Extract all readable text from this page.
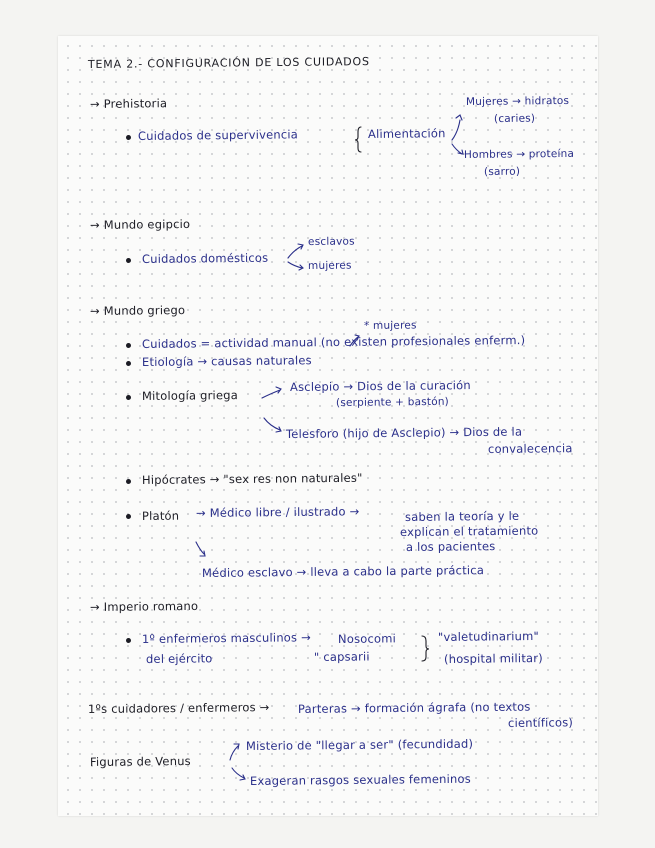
TEMA 2.- CONFIGURACIÓN DE LOS CUIDADOS
→ Prehistoria
Cuidados de supervivencia	Alimentación
Mujeres → hidratos
(caries)
Hombres → proteína
(sarro)
→ Mundo egipcio
Cuidados domésticos
esclavos
mujeres
→ Mundo griego
* mujeres
Cuidados = actividad manual (no existen profesionales enferm.)
Etiología → causas naturales
Mitología griega
Asclepio → Dios de la curación
(serpiente + bastón)
Telesforo (hijo de Asclepio) → Dios de la
convalecencia
Hipócrates → "sex res non naturales"
Platón → Médico libre / ilustrado →	saben la teoría y le
explican el tratamiento
a los pacientes
Médico esclavo → lleva a cabo la parte práctica
→ Imperio romano
1º enfermeros masculinos →
del ejército
Nosocomi
" capsarii
"valetudinarium"
(hospital militar)
1ºs cuidadores / enfermeros → Parteras → formación ágrafa (no textos
científicos)
Figuras de Venus
Misterio de "llegar a ser" (fecundidad)
Exageran rasgos sexuales femeninos
